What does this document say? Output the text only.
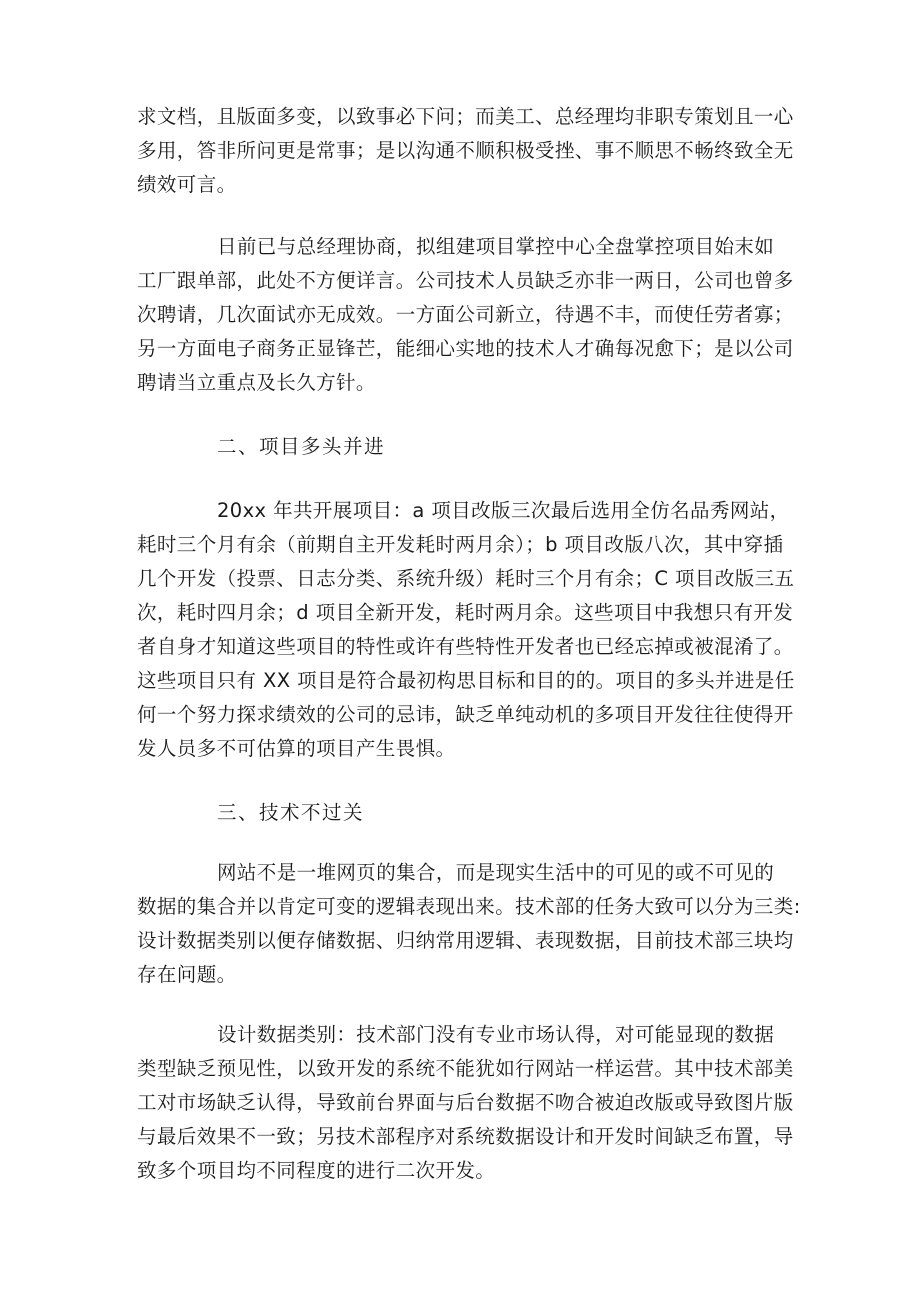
求文档，且版面多变，以致事必下问；而美工、总经理均非职专策划且一心
多用，答非所问更是常事；是以沟通不顺积极受挫、事不顺思不畅终致全无
绩效可言。
日前已与总经理协商，拟组建项目掌控中心全盘掌控项目始末如
工厂跟单部，此处不方便详言。公司技术人员缺乏亦非一两日，公司也曾多
次聘请，几次面试亦无成效。一方面公司新立，待遇不丰，而使任劳者寡；
另一方面电子商务正显锋芒，能细心实地的技术人才确每况愈下；是以公司
聘请当立重点及长久方针。
二、项目多头并进
20xx 年共开展项目：a 项目改版三次最后选用全仿名品秀网站，
耗时三个月有余（前期自主开发耗时两月余）；b 项目改版八次，其中穿插
几个开发（投票、日志分类、系统升级）耗时三个月有余；C 项目改版三五
次，耗时四月余；d 项目全新开发，耗时两月余。这些项目中我想只有开发
者自身才知道这些项目的特性或许有些特性开发者也已经忘掉或被混淆了。
这些项目只有 XX 项目是符合最初构思目标和目的的。项目的多头并进是任
何一个努力探求绩效的公司的忌讳，缺乏单纯动机的多项目开发往往使得开
发人员多不可估算的项目产生畏惧。
三、技术不过关
网站不是一堆网页的集合，而是现实生活中的可见的或不可见的
数据的集合并以肯定可变的逻辑表现出来。技术部的任务大致可以分为三类:
设计数据类别以便存储数据、归纳常用逻辑、表现数据，目前技术部三块均
存在问题。
设计数据类别：技术部门没有专业市场认得，对可能显现的数据
类型缺乏预见性，以致开发的系统不能犹如行网站一样运营。其中技术部美
工对市场缺乏认得，导致前台界面与后台数据不吻合被迫改版或导致图片版
与最后效果不一致；另技术部程序对系统数据设计和开发时间缺乏布置，导
致多个项目均不同程度的进行二次开发。
